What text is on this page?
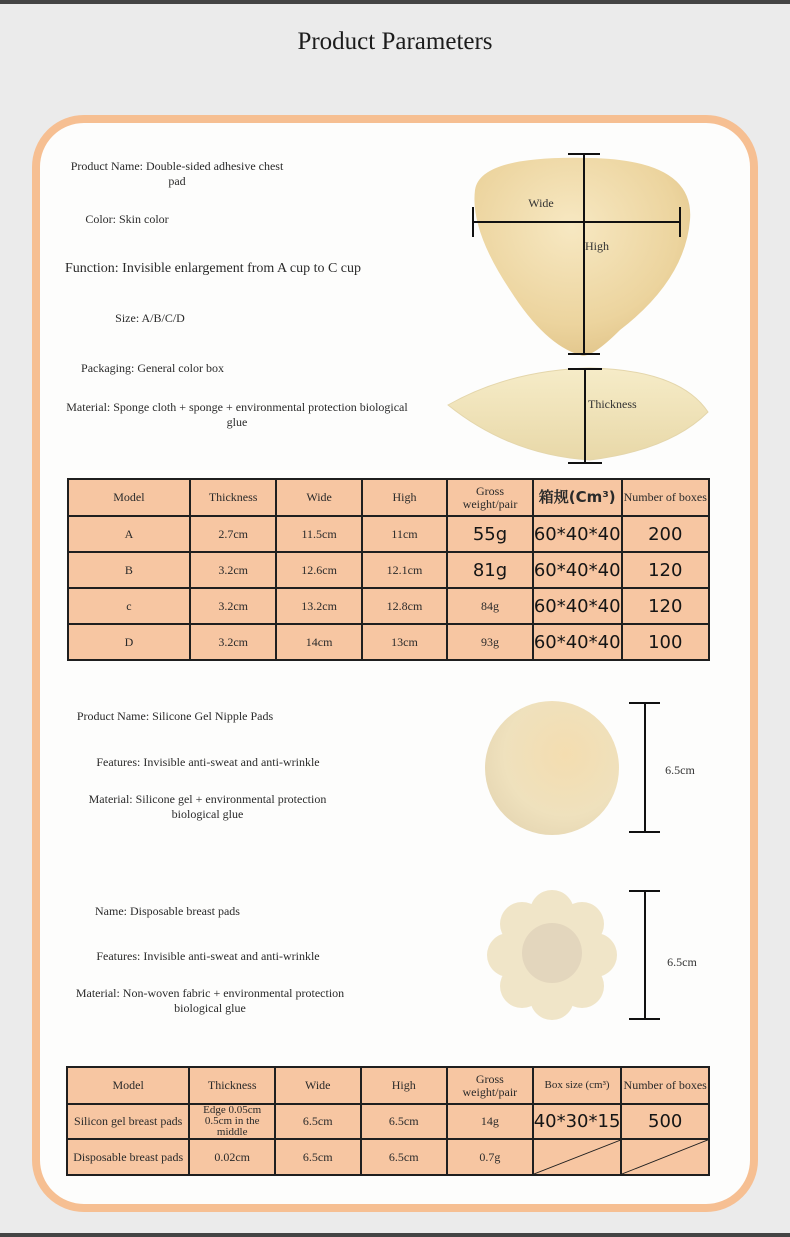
Product Parameters
Product Name: Double-sided adhesive chest pad
Color: Skin color
Function: Invisible enlargement from A cup to C cup
Size: A/B/C/D
Packaging: General color box
Material: Sponge cloth + sponge + environmental protection biological glue
Wide
High
Thickness
Model	Thickness	Wide	High	Gross weight/pair	箱规(Cm³)	Number of boxes
A	2.7cm	11.5cm	11cm	55g	60*40*40	200
B	3.2cm	12.6cm	12.1cm	81g	60*40*40	120
c	3.2cm	13.2cm	12.8cm	84g	60*40*40	120
D	3.2cm	14cm	13cm	93g	60*40*40	100
Product Name: Silicone Gel Nipple Pads
Features: Invisible anti-sweat and anti-wrinkle
Material: Silicone gel + environmental protection biological glue
6.5cm
Name: Disposable breast pads
Features: Invisible anti-sweat and anti-wrinkle
Material: Non-woven fabric + environmental protection biological glue
6.5cm
Model	Thickness	Wide	High	Gross weight/pair	Box size (cm³)	Number of boxes
Silicon gel breast pads	Edge 0.05cm 0.5cm in the middle	6.5cm	6.5cm	14g	40*30*15	500
Disposable breast pads	0.02cm	6.5cm	6.5cm	0.7g	
